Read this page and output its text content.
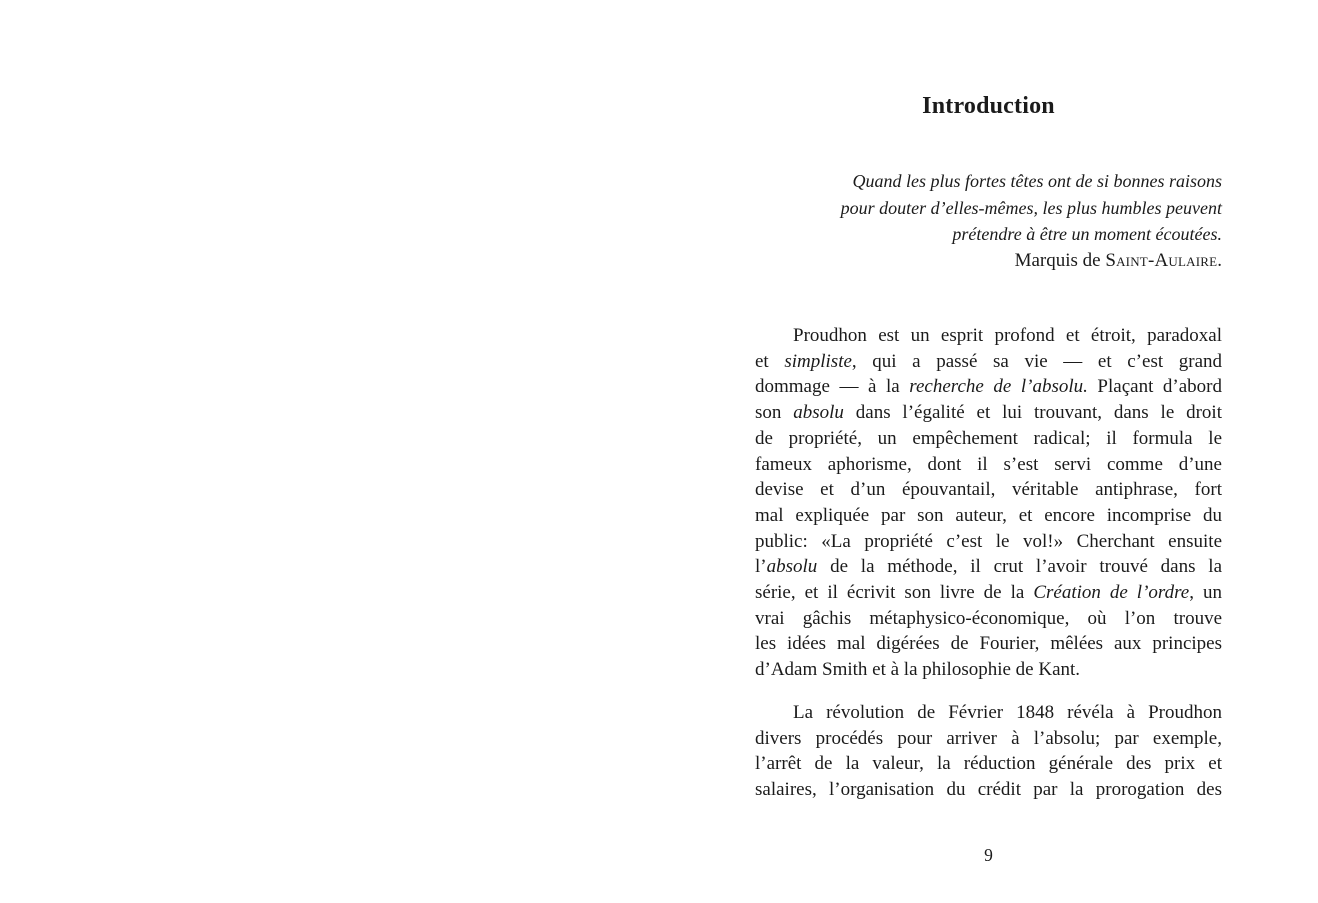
Introduction
Quand les plus fortes têtes ont de si bonnes raisons
pour douter d’elles-mêmes, les plus humbles peuvent
prétendre à être un moment écoutées.
Marquis de Saint-Aulaire.
Proudhon est un esprit profond et étroit, paradoxal
et simpliste, qui a passé sa vie — et c’est grand
dommage — à la recherche de l’absolu. Plaçant d’abord
son absolu dans l’égalité et lui trouvant, dans le droit
de propriété, un empêchement radical; il formula le
fameux aphorisme, dont il s’est servi comme d’une
devise et d’un épouvantail, véritable antiphrase, fort
mal expliquée par son auteur, et encore incomprise du
public: «La propriété c’est le vol!» Cherchant ensuite
l’absolu de la méthode, il crut l’avoir trouvé dans la
série, et il écrivit son livre de la Création de l’ordre, un
vrai gâchis métaphysico-économique, où l’on trouve
les idées mal digérées de Fourier, mêlées aux principes
d’Adam Smith et à la philosophie de Kant.
La révolution de Février 1848 révéla à Proudhon
divers procédés pour arriver à l’absolu; par exemple,
l’arrêt de la valeur, la réduction générale des prix et
salaires, l’organisation du crédit par la prorogation des
9
